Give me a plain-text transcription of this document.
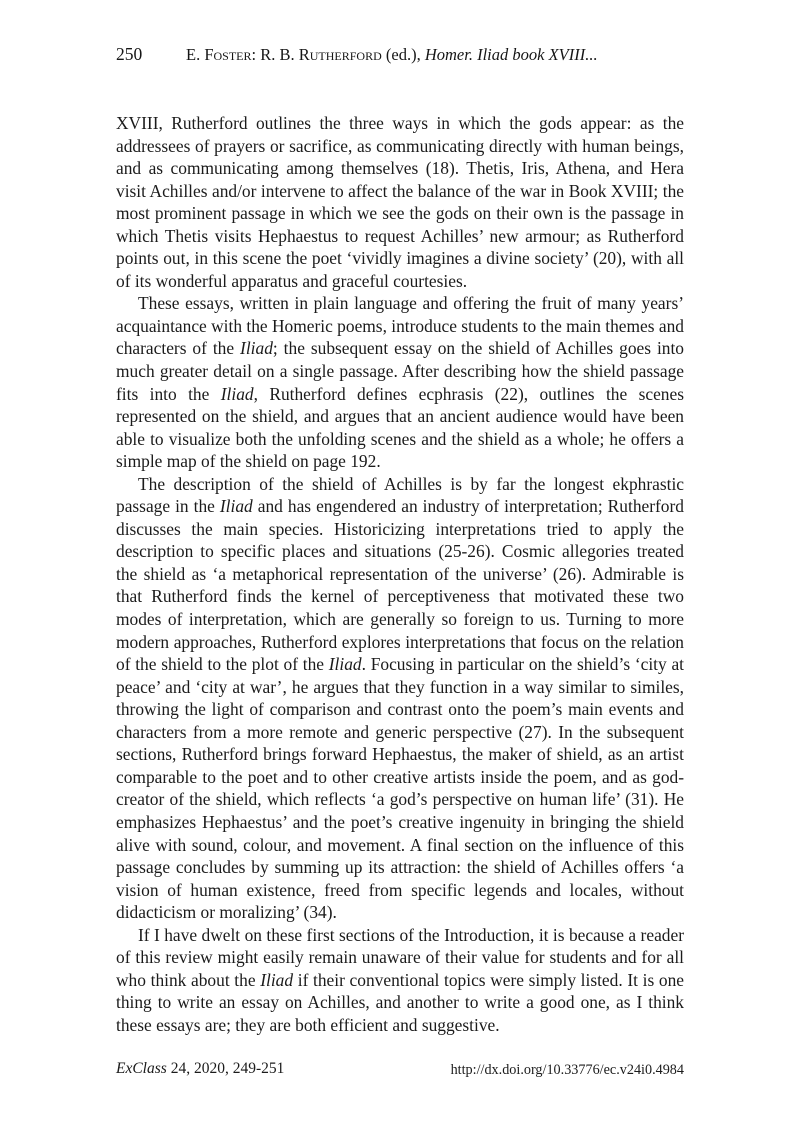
250	E. Foster: R. B. Rutherford (ed.), Homer. Iliad book XVIII...

XVIII, Rutherford outlines the three ways in which the gods appear: as the addressees of prayers or sacrifice, as communicating directly with human beings, and as communicating among themselves (18). Thetis, Iris, Athena, and Hera visit Achilles and/or intervene to affect the balance of the war in Book XVIII; the most prominent passage in which we see the gods on their own is the passage in which Thetis visits Hephaestus to request Achilles’ new armour; as Rutherford points out, in this scene the poet ‘vividly imagines a divine society’ (20), with all of its wonderful apparatus and graceful courtesies.

These essays, written in plain language and offering the fruit of many years’ acquaintance with the Homeric poems, introduce students to the main themes and characters of the Iliad; the subsequent essay on the shield of Achilles goes into much greater detail on a single passage. After describing how the shield passage fits into the Iliad, Rutherford defines ecphrasis (22), outlines the scenes represented on the shield, and argues that an ancient audience would have been able to visualize both the unfolding scenes and the shield as a whole; he offers a simple map of the shield on page 192.

The description of the shield of Achilles is by far the longest ekphrastic passage in the Iliad and has engendered an industry of interpretation; Rutherford discusses the main species. Historicizing interpretations tried to apply the description to specific places and situations (25-26). Cosmic allegories treated the shield as ‘a metaphorical representation of the universe’ (26). Admirable is that Rutherford finds the kernel of perceptiveness that motivated these two modes of interpretation, which are generally so foreign to us. Turning to more modern approaches, Rutherford explores interpretations that focus on the relation of the shield to the plot of the Iliad. Focusing in particular on the shield’s ‘city at peace’ and ‘city at war’, he argues that they function in a way similar to similes, throwing the light of comparison and contrast onto the poem’s main events and characters from a more remote and generic perspective (27). In the subsequent sections, Rutherford brings forward Hephaestus, the maker of shield, as an artist comparable to the poet and to other creative artists inside the poem, and as god-creator of the shield, which reflects ‘a god’s perspective on human life’ (31). He emphasizes Hephaestus’ and the poet’s creative ingenuity in bringing the shield alive with sound, colour, and movement. A final section on the influence of this passage concludes by summing up its attraction: the shield of Achilles offers ‘a vision of human existence, freed from specific legends and locales, without didacticism or moralizing’ (34).

If I have dwelt on these first sections of the Introduction, it is because a reader of this review might easily remain unaware of their value for students and for all who think about the Iliad if their conventional topics were simply listed. It is one thing to write an essay on Achilles, and another to write a good one, as I think these essays are; they are both efficient and suggestive.

ExClass 24, 2020, 249-251	http://dx.doi.org/10.33776/ec.v24i0.4984
